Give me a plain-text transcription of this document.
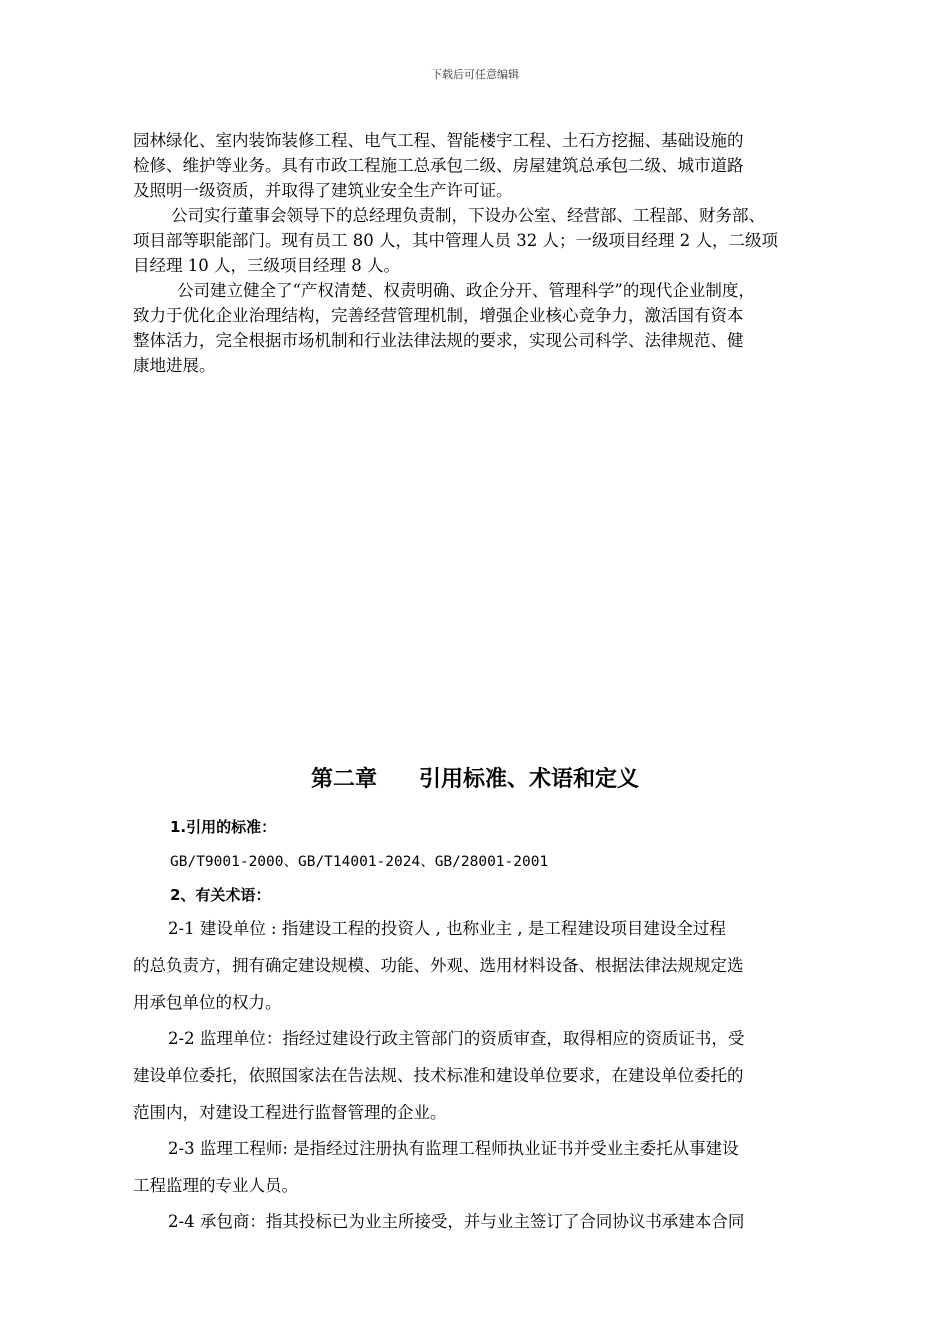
下载后可任意编辑
园林绿化、室内装饰装修工程、电气工程、智能楼宇工程、土石方挖掘、基础设施的
检修、维护等业务。具有市政工程施工总承包二级、房屋建筑总承包二级、城市道路
及照明一级资质，并取得了建筑业安全生产许可证。
公司实行董事会领导下的总经理负责制，下设办公室、经营部、工程部、财务部、
项目部等职能部门。现有员工 80 人，其中管理人员 32 人；一级项目经理 2 人，二级项
目经理 10 人，三级项目经理 8 人。
公司建立健全了“产权清楚、权责明确、政企分开、管理科学”的现代企业制度，
致力于优化企业治理结构，完善经营管理机制，增强企业核心竞争力，激活国有资本
整体活力，完全根据市场机制和行业法律法规的要求，实现公司科学、法律规范、健
康地进展。
第二章 引用标准、术语和定义
1.引用的标准：
GB/T9001-2000、GB/T14001-2024、GB/28001-2001
2、有关术语：
2-1 建设单位 : 指建设工程的投资人 , 也称业主 , 是工程建设项目建设全过程
的总负责方，拥有确定建设规模、功能、外观、选用材料设备、根据法律法规规定选
用承包单位的权力。
2-2 监理单位：指经过建设行政主管部门的资质审查，取得相应的资质证书，受
建设单位委托，依照国家法在告法规、技术标准和建设单位要求，在建设单位委托的
范围内，对建设工程进行监督管理的企业。
2-3 监理工程师: 是指经过注册执有监理工程师执业证书并受业主委托从事建设
工程监理的专业人员。
2-4 承包商：指其投标已为业主所接受，并与业主签订了合同协议书承建本合同
